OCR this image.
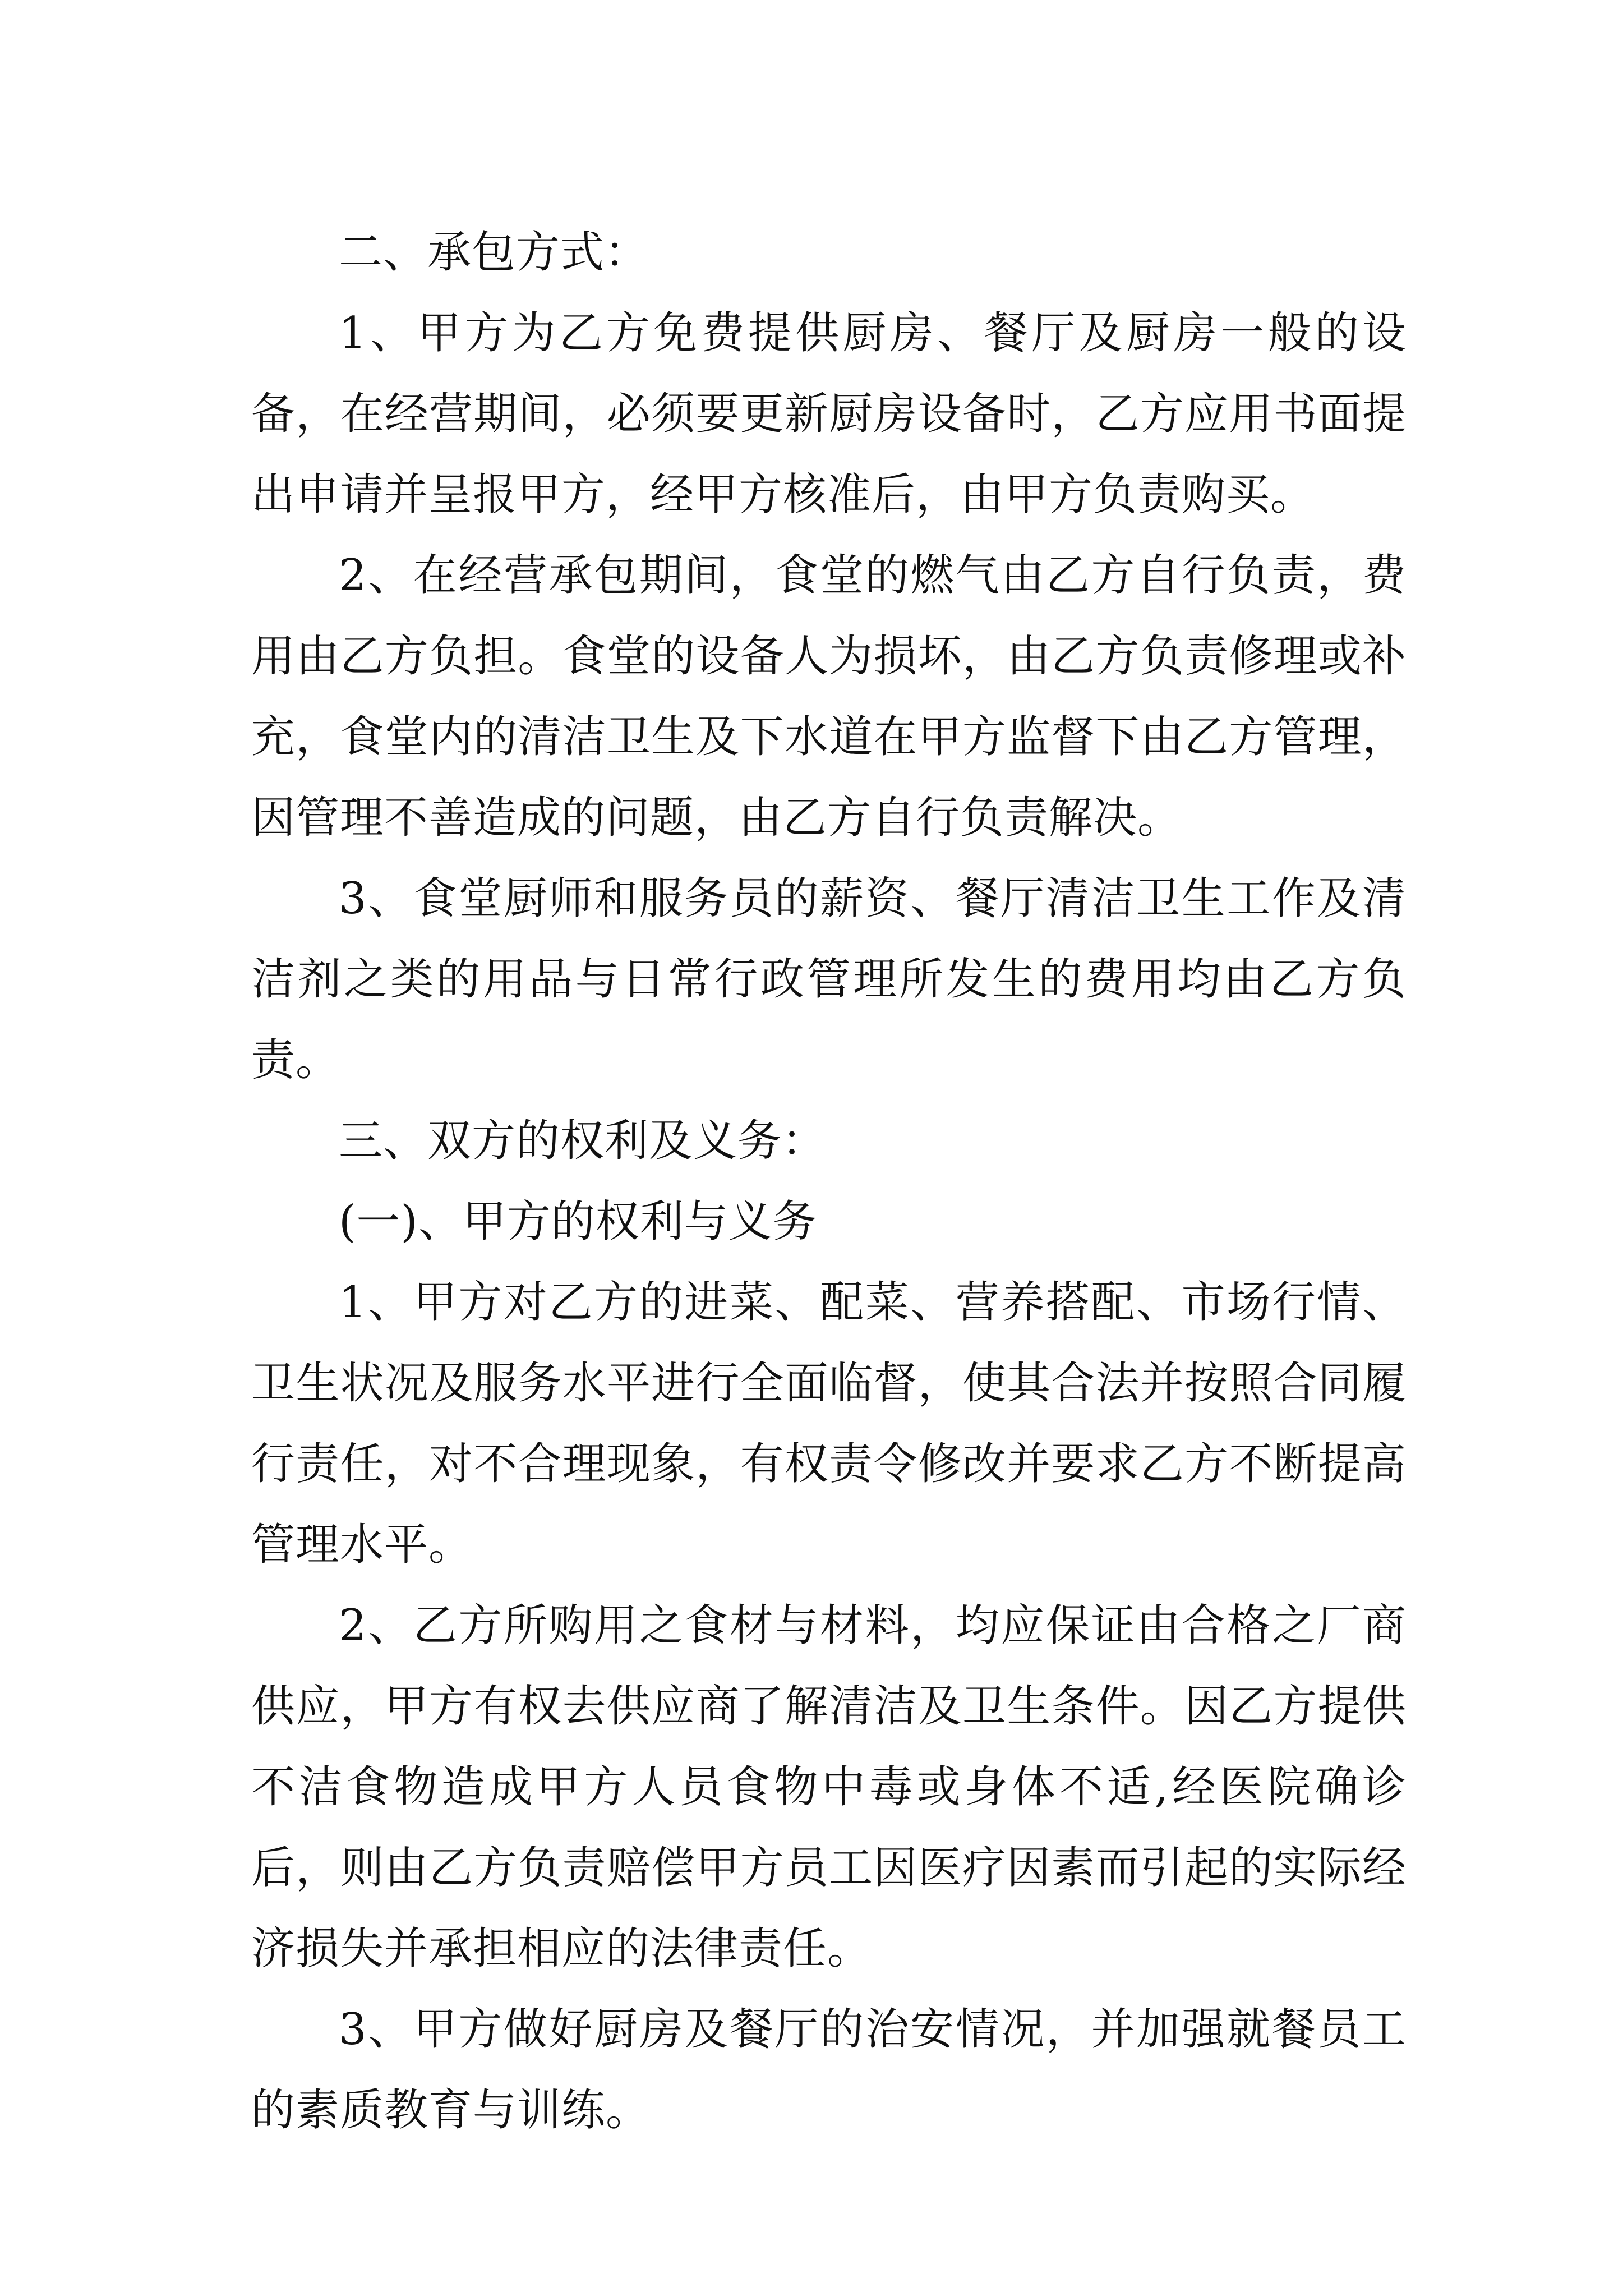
二、承包方式：

1、甲方为乙方免费提供厨房、餐厅及厨房一般的设备，在经营期间，必须要更新厨房设备时，乙方应用书面提出申请并呈报甲方，经甲方核准后，由甲方负责购买。

2、在经营承包期间，食堂的燃气由乙方自行负责，费用由乙方负担。食堂的设备人为损坏，由乙方负责修理或补充，食堂内的清洁卫生及下水道在甲方监督下由乙方管理，因管理不善造成的问题，由乙方自行负责解决。

3、食堂厨师和服务员的薪资、餐厅清洁卫生工作及清洁剂之类的用品与日常行政管理所发生的费用均由乙方负责。

三、双方的权利及义务：

(一)、甲方的权利与义务

1、甲方对乙方的进菜、配菜、营养搭配、市场行情、卫生状况及服务水平进行全面临督，使其合法并按照合同履行责任，对不合理现象，有权责令修改并要求乙方不断提高管理水平。

2、乙方所购用之食材与材料，均应保证由合格之厂商供应，甲方有权去供应商了解清洁及卫生条件。因乙方提供不洁食物造成甲方人员食物中毒或身体不适,经医院确诊后，则由乙方负责赔偿甲方员工因医疗因素而引起的实际经济损失并承担相应的法律责任。

3、甲方做好厨房及餐厅的治安情况，并加强就餐员工的素质教育与训练。
